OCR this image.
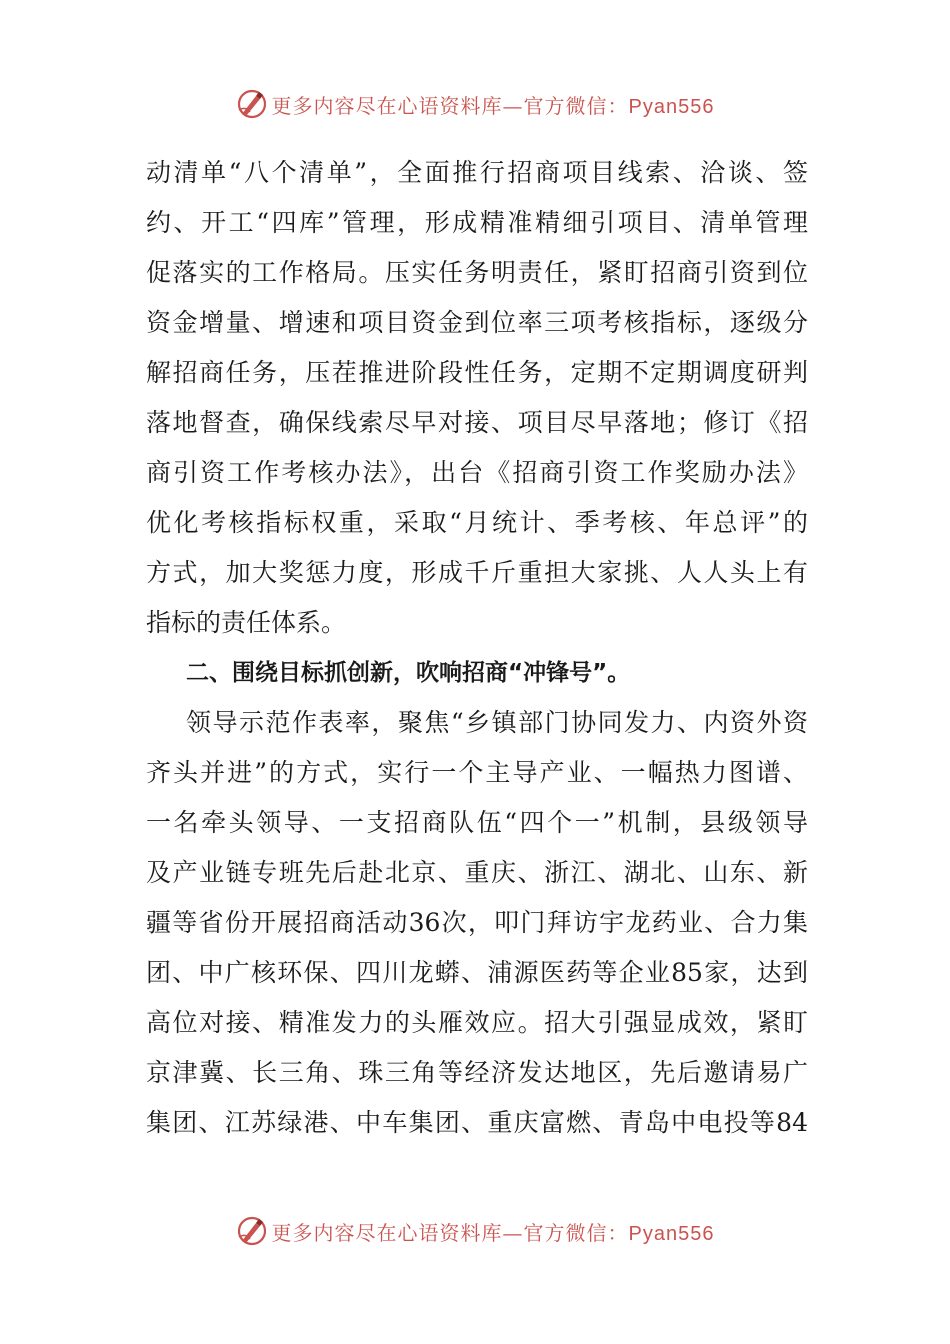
更多内容尽在心语资料库—官方微信：Pyan556
动清单“八个清单”，全面推行招商项目线索、洽谈、签
约、开工“四库”管理，形成精准精细引项目、清单管理
促落实的工作格局。压实任务明责任，紧盯招商引资到位
资金增量、增速和项目资金到位率三项考核指标，逐级分
解招商任务，压茬推进阶段性任务，定期不定期调度研判
落地督查，确保线索尽早对接、项目尽早落地；修订《招
商引资工作考核办法》，出台《招商引资工作奖励办法》
优化考核指标权重，采取“月统计、季考核、年总评”的
方式，加大奖惩力度，形成千斤重担大家挑、人人头上有
指标的责任体系。
二、围绕目标抓创新，吹响招商“冲锋号”。
领导示范作表率，聚焦“乡镇部门协同发力、内资外资
齐头并进”的方式，实行一个主导产业、一幅热力图谱、
一名牵头领导、一支招商队伍“四个一”机制，县级领导
及产业链专班先后赴北京、重庆、浙江、湖北、山东、新
疆等省份开展招商活动36次，叩门拜访宇龙药业、合力集
团、中广核环保、四川龙蟒、浦源医药等企业85家，达到
高位对接、精准发力的头雁效应。招大引强显成效，紧盯
京津冀、长三角、珠三角等经济发达地区，先后邀请易广
集团、江苏绿港、中车集团、重庆富燃、青岛中电投等84
更多内容尽在心语资料库—官方微信：Pyan556
